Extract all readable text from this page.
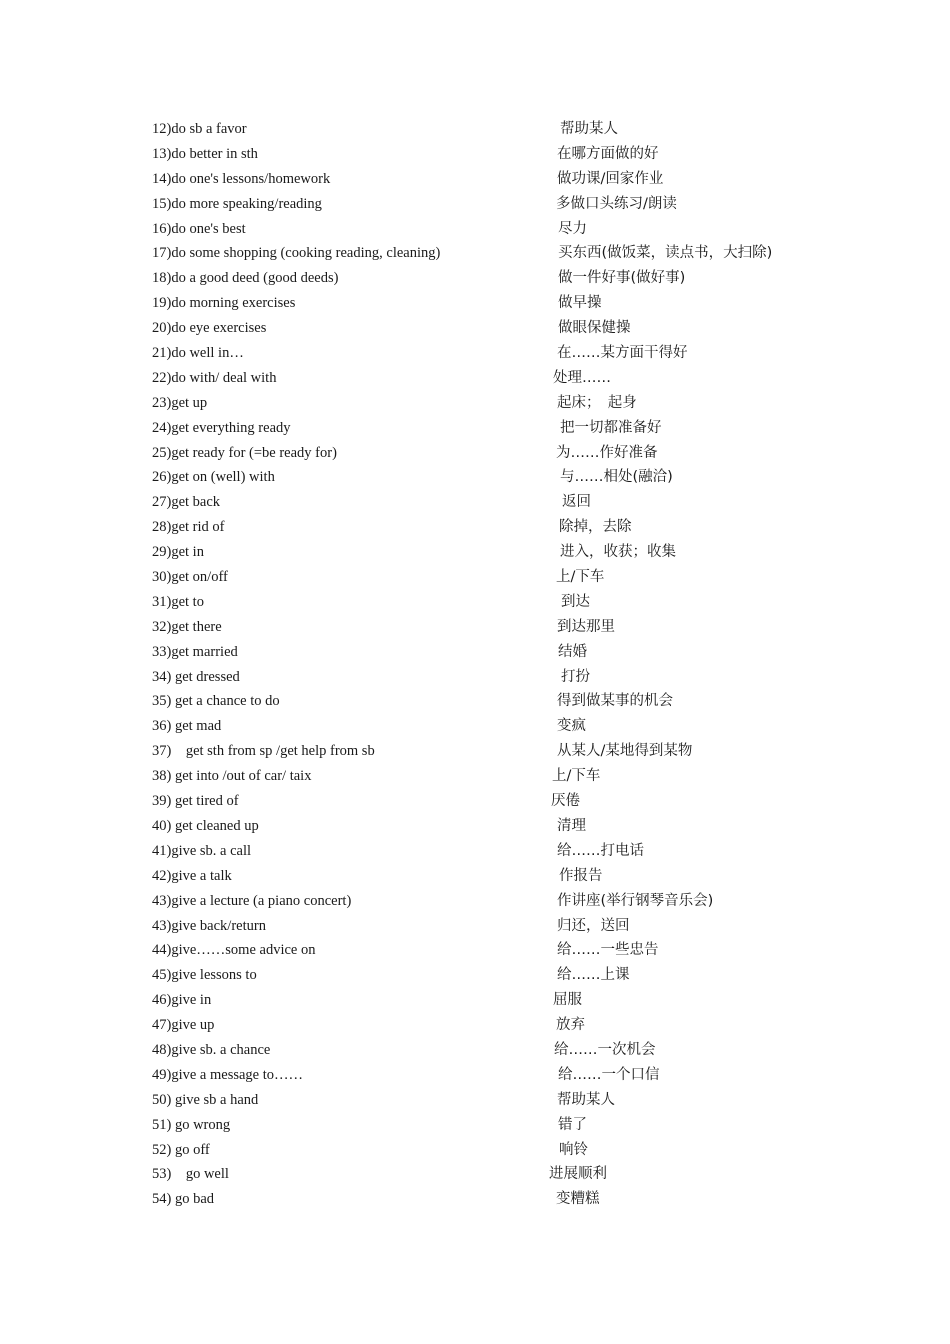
12)do sb a favor	帮助某人
13)do better in sth	在哪方面做的好
14)do one's lessons/homework	做功课/回家作业
15)do more speaking/reading	多做口头练习/朗读
16)do one's best	尽力
17)do some shopping (cooking reading, cleaning)	买东西(做饭菜，读点书，大扫除)
18)do a good deed (good deeds)	做一件好事(做好事)
19)do morning exercises	做早操
20)do eye exercises	做眼保健操
21)do well in…	在……某方面干得好
22)do with/ deal with	处理……
23)get up	起床；　起身
24)get everything ready	把一切都准备好
25)get ready for (=be ready for)	为……作好准备
26)get on (well) with	与……相处(融洽)
27)get back	返回
28)get rid of	除掉，去除
29)get in	进入，收获；收集
30)get on/off	上/下车
31)get to	到达
32)get there	到达那里
33)get married	结婚
34) get dressed	打扮
35) get a chance to do	得到做某事的机会
36) get mad	变疯
37)　get sth from sp /get help from sb	从某人/某地得到某物
38) get into /out of car/ taix	上/下车
39) get tired of	厌倦
40) get cleaned up	清理
41)give sb. a call	给……打电话
42)give a talk	作报告
43)give a lecture (a piano concert)	作讲座(举行钢琴音乐会)
43)give back/return	归还，送回
44)give……some advice on	给……一些忠告
45)give lessons to	给……上课
46)give in	屈服
47)give up	放弃
48)give sb. a chance	给……一次机会
49)give a message to……	给……一个口信
50) give sb a hand	帮助某人
51) go wrong	错了
52) go off	响铃
53)　go well	进展顺利
54) go bad	变糟糕
